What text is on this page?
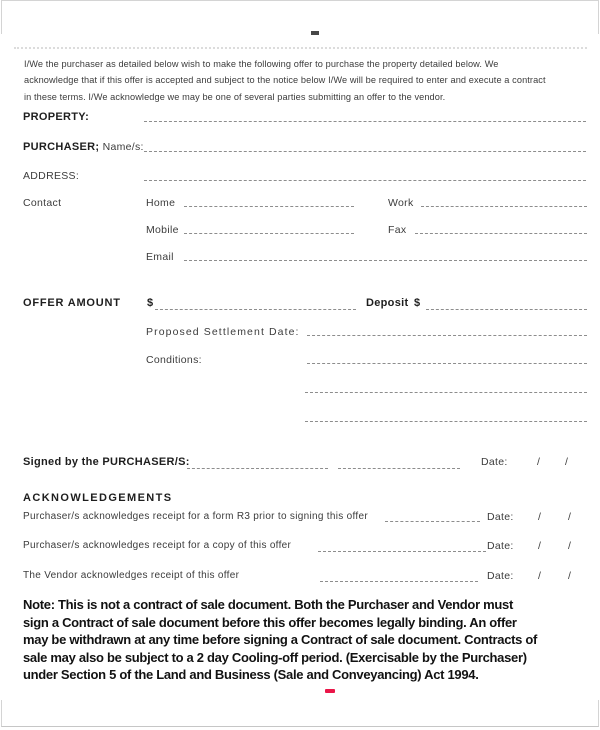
I/We the purchaser as detailed below wish to make the following offer to purchase the property detailed below. We
acknowledge that if this offer is accepted and subject to the notice below I/We will be required to enter and execute a contract
in these terms. I/We acknowledge we may be one of several parties submitting an offer to the vendor.
PROPERTY:
PURCHASER; Name/s:
ADDRESS:
Contact	Home	Work
Mobile	Fax
Email
OFFER AMOUNT $	Deposit $
Proposed Settlement Date:
Conditions:
Signed by the PURCHASER/S:	Date:	/ /
ACKNOWLEDGEMENTS
Purchaser/s acknowledges receipt for a form R3 prior to signing this offer	Date: /	/
Purchaser/s acknowledges receipt for a copy of this offer	Date: /	/
The Vendor acknowledges receipt of this offer	Date: /	/
Note: This is not a contract of sale document. Both the Purchaser and Vendor must
sign a Contract of sale document before this offer becomes legally binding. An offer
may be withdrawn at any time before signing a Contract of sale document. Contracts of
sale may also be subject to a 2 day Cooling-off period. (Exercisable by the Purchaser)
under Section 5 of the Land and Business (Sale and Conveyancing) Act 1994.
